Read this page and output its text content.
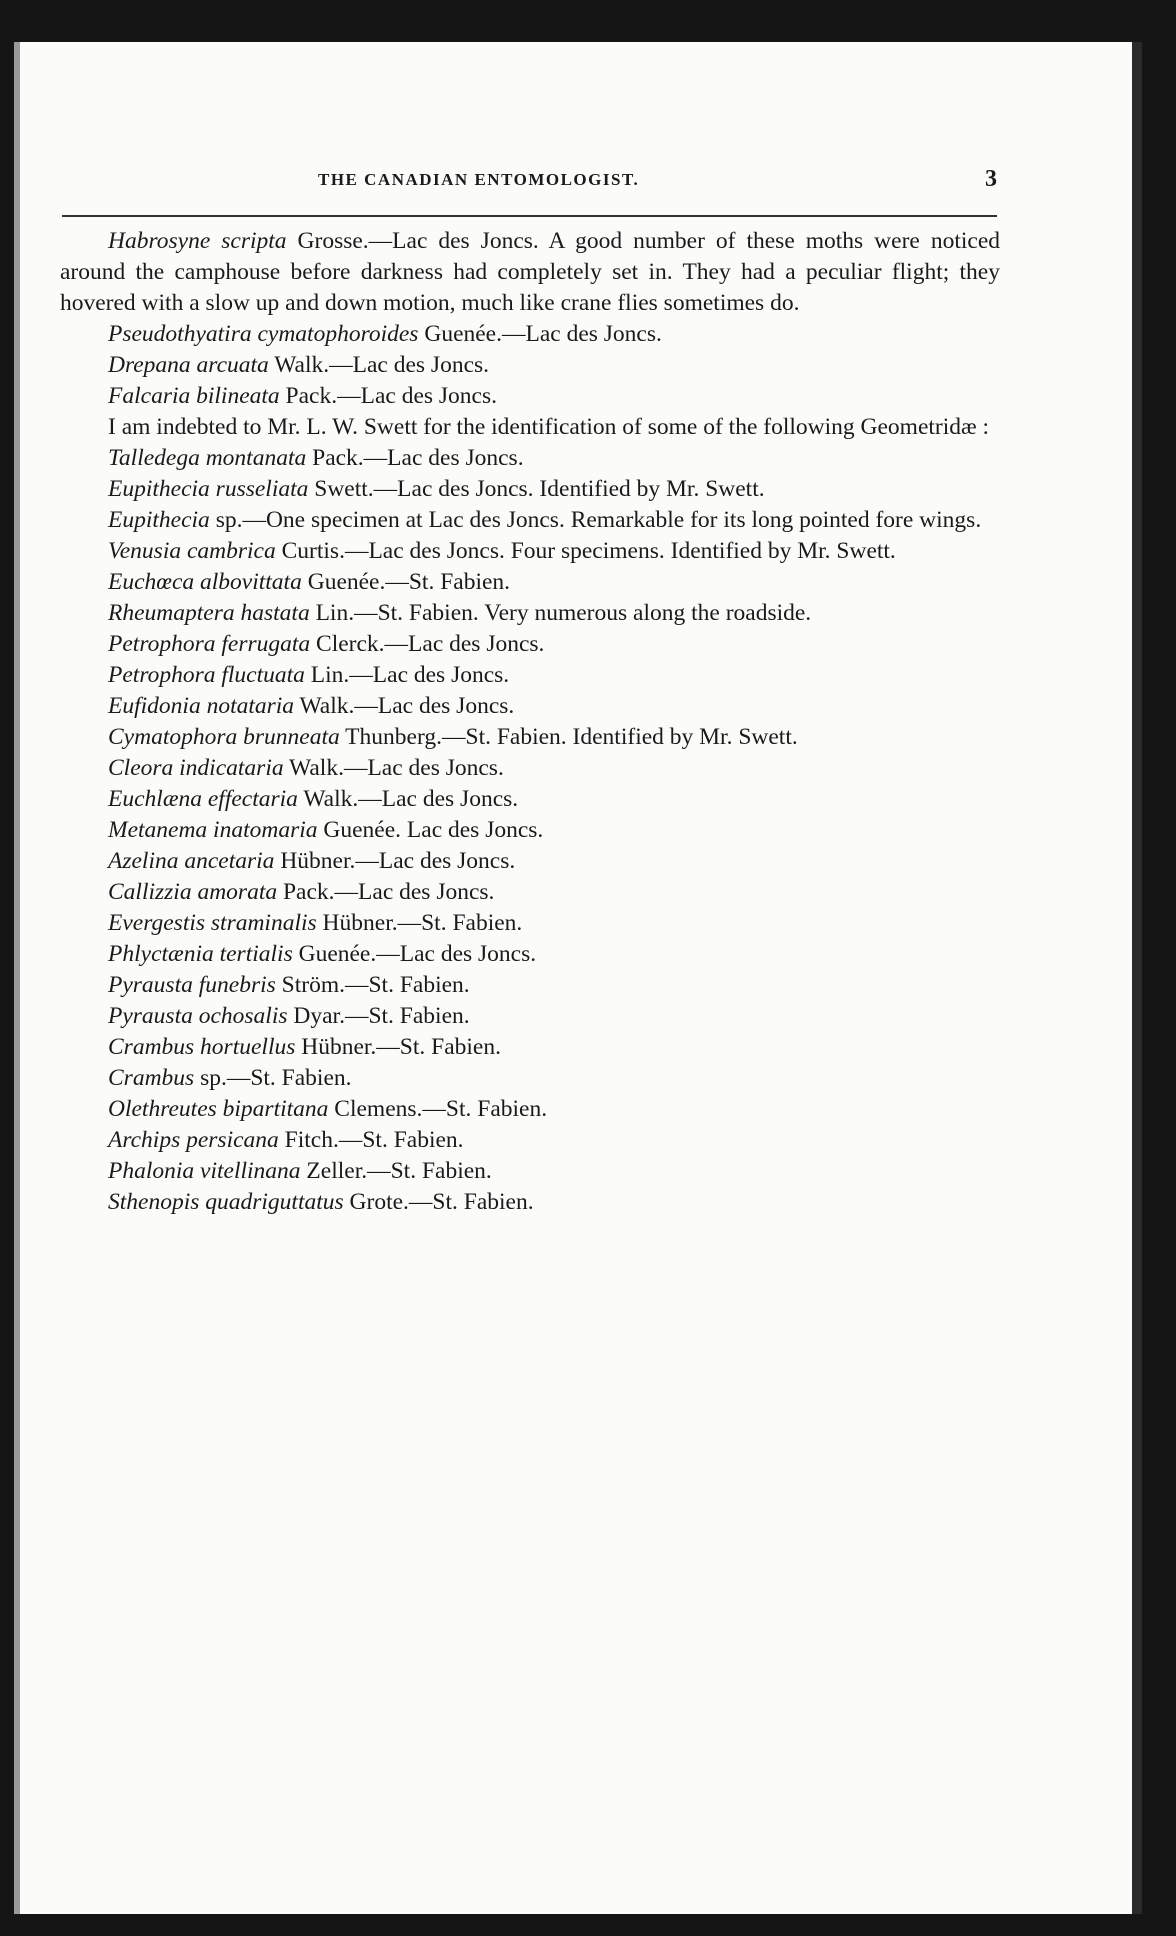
THE CANADIAN ENTOMOLOGIST.	3

Habrosyne scripta Grosse.—Lac des Joncs. A good number of these moths were noticed around the camphouse before darkness had completely set in. They had a peculiar flight; they hovered with a slow up and down motion, much like crane flies sometimes do.

Pseudothyatira cymatophoroides Guenée.—Lac des Joncs.

Drepana arcuata Walk.—Lac des Joncs.

Falcaria bilineata Pack.—Lac des Joncs.

I am indebted to Mr. L. W. Swett for the identification of some of the following Geometridæ :

Talledega montanata Pack.—Lac des Joncs.

Eupithecia russeliata Swett.—Lac des Joncs. Identified by Mr. Swett.

Eupithecia sp.—One specimen at Lac des Joncs. Remarkable for its long pointed fore wings.

Venusia cambrica Curtis.—Lac des Joncs. Four specimens. Identified by Mr. Swett.

Euchœca albovittata Guenée.—St. Fabien.

Rheumaptera hastata Lin.—St. Fabien. Very numerous along the roadside.

Petrophora ferrugata Clerck.—Lac des Joncs.

Petrophora fluctuata Lin.—Lac des Joncs.

Eufidonia notataria Walk.—Lac des Joncs.

Cymatophora brunneata Thunberg.—St. Fabien. Identified by Mr. Swett.

Cleora indicataria Walk.—Lac des Joncs.

Euchlæna effectaria Walk.—Lac des Joncs.

Metanema inatomaria Guenée. Lac des Joncs.

Azelina ancetaria Hübner.—Lac des Joncs.

Callizzia amorata Pack.—Lac des Joncs.

Evergestis straminalis Hübner.—St. Fabien.

Phlyctænia tertialis Guenée.—Lac des Joncs.

Pyrausta funebris Ström.—St. Fabien.

Pyrausta ochosalis Dyar.—St. Fabien.

Crambus hortuellus Hübner.—St. Fabien.

Crambus sp.—St. Fabien.

Olethreutes bipartitana Clemens.—St. Fabien.

Archips persicana Fitch.—St. Fabien.

Phalonia vitellinana Zeller.—St. Fabien.

Sthenopis quadriguttatus Grote.—St. Fabien.
